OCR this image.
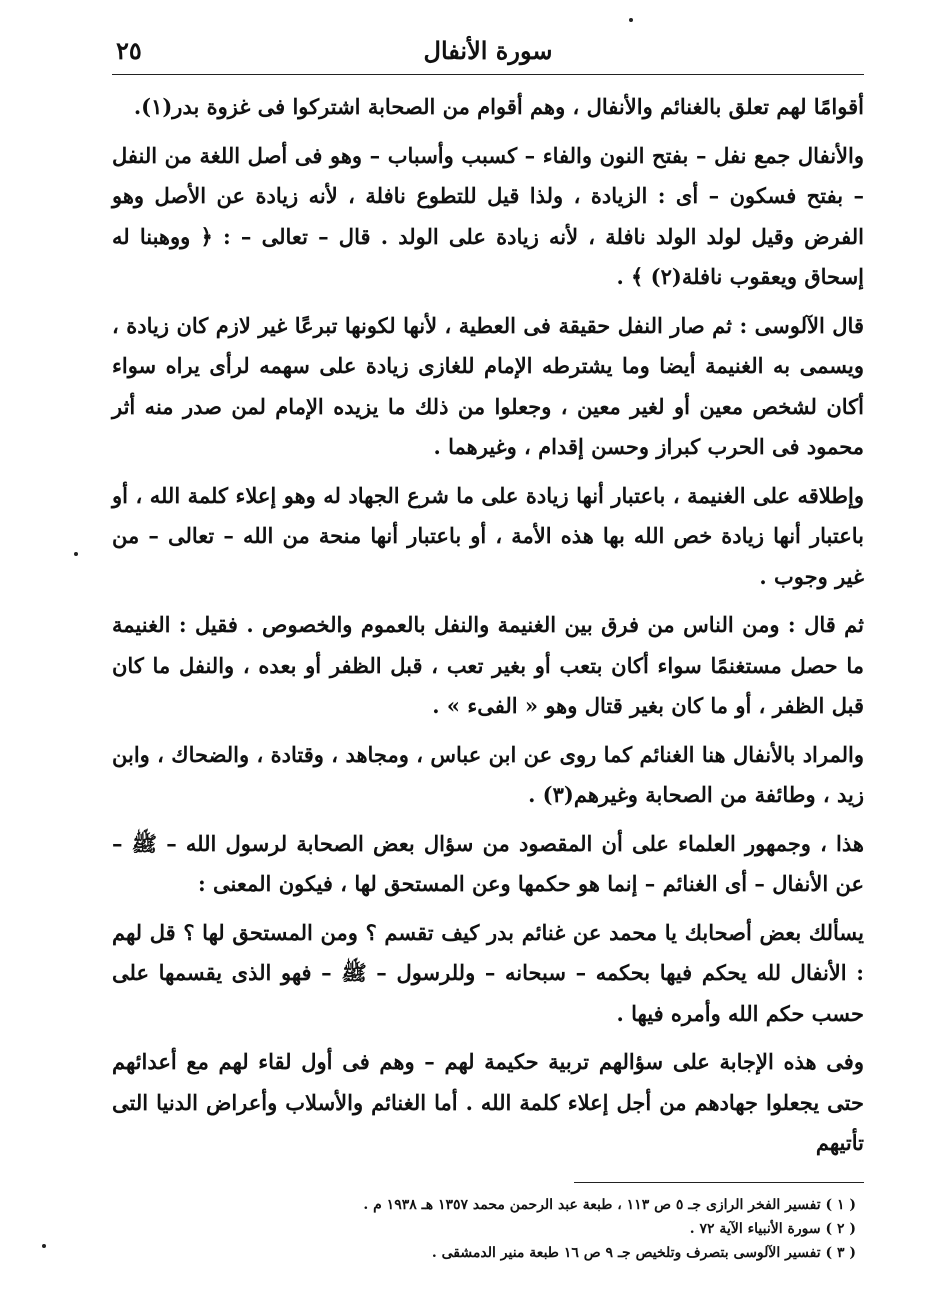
سورة الأنفال
٢٥

أقوامًا لهم تعلق بالغنائم والأنفال ، وهم أقوام من الصحابة اشتركوا فى غزوة بدر(١).

والأنفال جمع نفل – بفتح النون والفاء – كسبب وأسباب – وهو فى أصل اللغة من النفل – بفتح فسكون – أى : الزيادة ، ولذا قيل للتطوع نافلة ، لأنه زيادة عن الأصل وهو الفرض وقيل لولد الولد نافلة ، لأنه زيادة على الولد . قال – تعالى – : ﴿ ووهبنا له إسحاق ويعقوب نافلة(٢) ﴾ .

قال الآلوسى : ثم صار النفل حقيقة فى العطية ، لأنها لكونها تبرعًا غير لازم كان زيادة ، ويسمى به الغنيمة أيضا وما يشترطه الإمام للغازى زيادة على سهمه لرأى يراه سواء أكان لشخص معين أو لغير معين ، وجعلوا من ذلك ما يزيده الإمام لمن صدر منه أثر محمود فى الحرب كبراز وحسن إقدام ، وغيرهما .

وإطلاقه على الغنيمة ، باعتبار أنها زيادة على ما شرع الجهاد له وهو إعلاء كلمة الله ، أو باعتبار أنها زيادة خص الله بها هذه الأمة ، أو باعتبار أنها منحة من الله – تعالى – من غير وجوب .

ثم قال : ومن الناس من فرق بين الغنيمة والنفل بالعموم والخصوص . فقيل : الغنيمة ما حصل مستغنمًا سواء أكان بتعب أو بغير تعب ، قبل الظفر أو بعده ، والنفل ما كان قبل الظفر ، أو ما كان بغير قتال وهو « الفىء » .

والمراد بالأنفال هنا الغنائم كما روى عن ابن عباس ، ومجاهد ، وقتادة ، والضحاك ، وابن زيد ، وطائفة من الصحابة وغيرهم(٣) .

هذا ، وجمهور العلماء على أن المقصود من سؤال بعض الصحابة لرسول الله – ﷺ – عن الأنفال – أى الغنائم – إنما هو حكمها وعن المستحق لها ، فيكون المعنى :

يسألك بعض أصحابك يا محمد عن غنائم بدر كيف تقسم ؟ ومن المستحق لها ؟ قل لهم : الأنفال لله يحكم فيها بحكمه – سبحانه – وللرسول – ﷺ – فهو الذى يقسمها على حسب حكم الله وأمره فيها .

وفى هذه الإجابة على سؤالهم تربية حكيمة لهم – وهم فى أول لقاء لهم مع أعدائهم حتى يجعلوا جهادهم من أجل إعلاء كلمة الله . أما الغنائم والأسلاب وأعراض الدنيا التى تأتيهم

( ١ ) تفسير الفخر الرازى جـ ٥ ص ١١٣ ، طبعة عبد الرحمن محمد ١٣٥٧ هـ ١٩٣٨ م .
( ٢ ) سورة الأنبياء الآية ٧٢ .
( ٣ ) تفسير الآلوسى بتصرف وتلخيص جـ ٩ ص ١٦ طبعة منير الدمشقى .
